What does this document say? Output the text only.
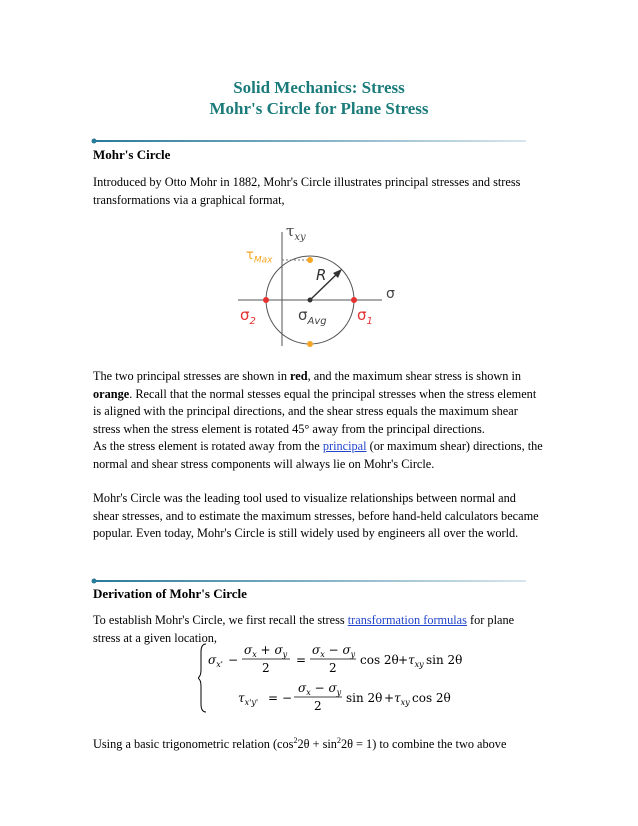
Solid Mechanics: Stress
Mohr's Circle for Plane Stress
Mohr's Circle

Introduced by Otto Mohr in 1882, Mohr's Circle illustrates principal stresses and stress transformations via a graphical format,

$\tau_{xy}$
$\tau_{Max}$
R
σ
$\sigma_2$	$\sigma_{Avg}$ $\sigma_1$

The two principal stresses are shown in red, and the maximum shear stress is shown in orange. Recall that the normal stesses equal the principal stresses when the stress element is aligned with the principal directions, and the shear stress equals the maximum shear stress when the stress element is rotated 45° away from the principal directions.

As the stress element is rotated away from the principal (or maximum shear) directions, the normal and shear stress components will always lie on Mohr's Circle.

Mohr's Circle was the leading tool used to visualize relationships between normal and shear stresses, and to estimate the maximum stresses, before hand-held calculators became popular. Even today, Mohr's Circle is still widely used by engineers all over the world.

Derivation of Mohr's Circle

To establish Mohr's Circle, we first recall the stress transformation formulas for plane stress at a given location,

$\sigma_{x'}$ −
$\sigma_x + \sigma_y$
2
=
$\sigma_x - \sigma_y$
2
$\cos 2\theta + \tau_{xy}$ sin 2θ
$\tau_{x'y'}$ = −
$\sigma_x - \sigma_y$
2
$\sin 2\theta + \tau_{xy}$ cos 2θ

Using a basic trigonometric relation $(\cos^22\theta + \sin^22\theta = 1)$ to combine the two above
